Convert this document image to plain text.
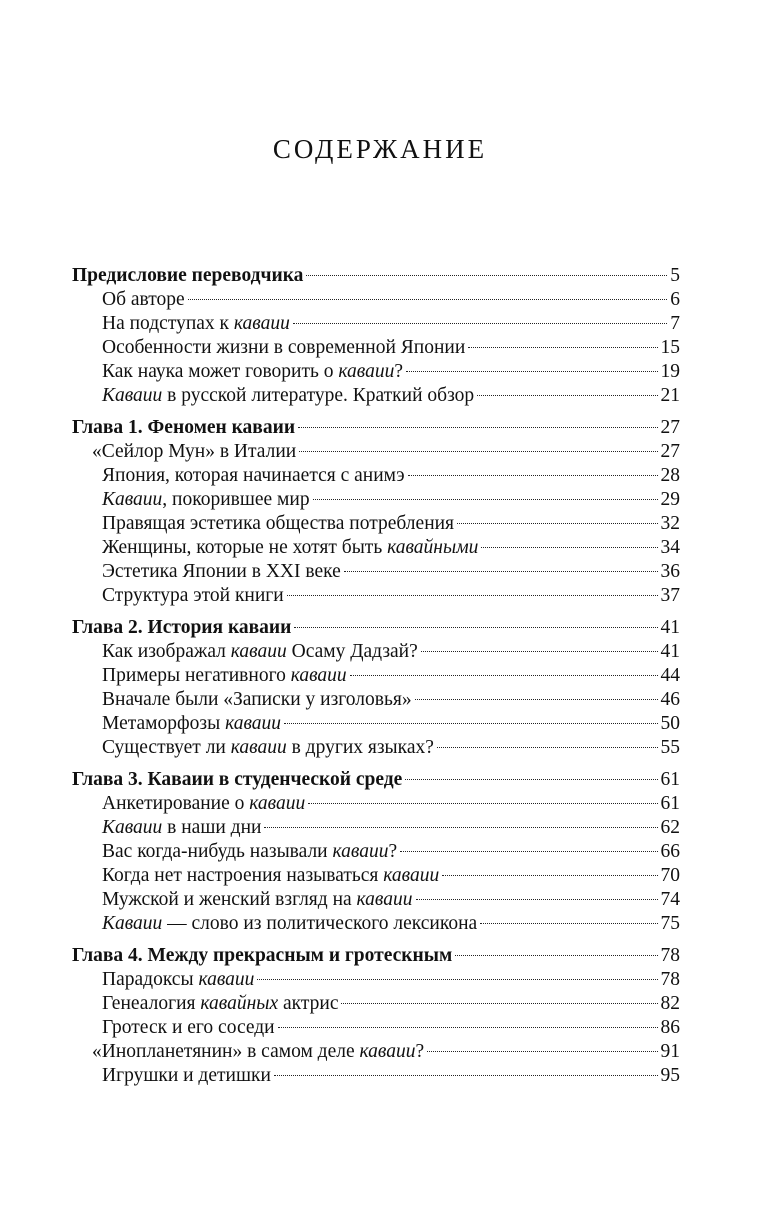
СОДЕРЖАНИЕ
Предисловие переводчика	5
Об авторе	6
На подступах к каваии	7
Особенности жизни в современной Японии	15
Как наука может говорить о каваии?	19
Каваии в русской литературе. Краткий обзор	21
Глава 1. Феномен каваии	27
«Сейлор Мун» в Италии	27
Япония, которая начинается с анимэ	28
Каваии, покорившее мир	29
Правящая эстетика общества потребления	32
Женщины, которые не хотят быть кавайными	34
Эстетика Японии в XXI веке	36
Структура этой книги	37
Глава 2. История каваии	41
Как изображал каваии Осаму Дадзай?	41
Примеры негативного каваии	44
Вначале были «Записки у изголовья»	46
Метаморфозы каваии	50
Существует ли каваии в других языках?	55
Глава 3. Каваии в студенческой среде	61
Анкетирование о каваии	61
Каваии в наши дни	62
Вас когда-нибудь называли каваии?	66
Когда нет настроения называться каваии	70
Мужской и женский взгляд на каваии	74
Каваии — слово из политического лексикона	75
Глава 4. Между прекрасным и гротескным	78
Парадоксы каваии	78
Генеалогия кавайных актрис	82
Гротеск и его соседи	86
«Инопланетянин» в самом деле каваии?	91
Игрушки и детишки	95
